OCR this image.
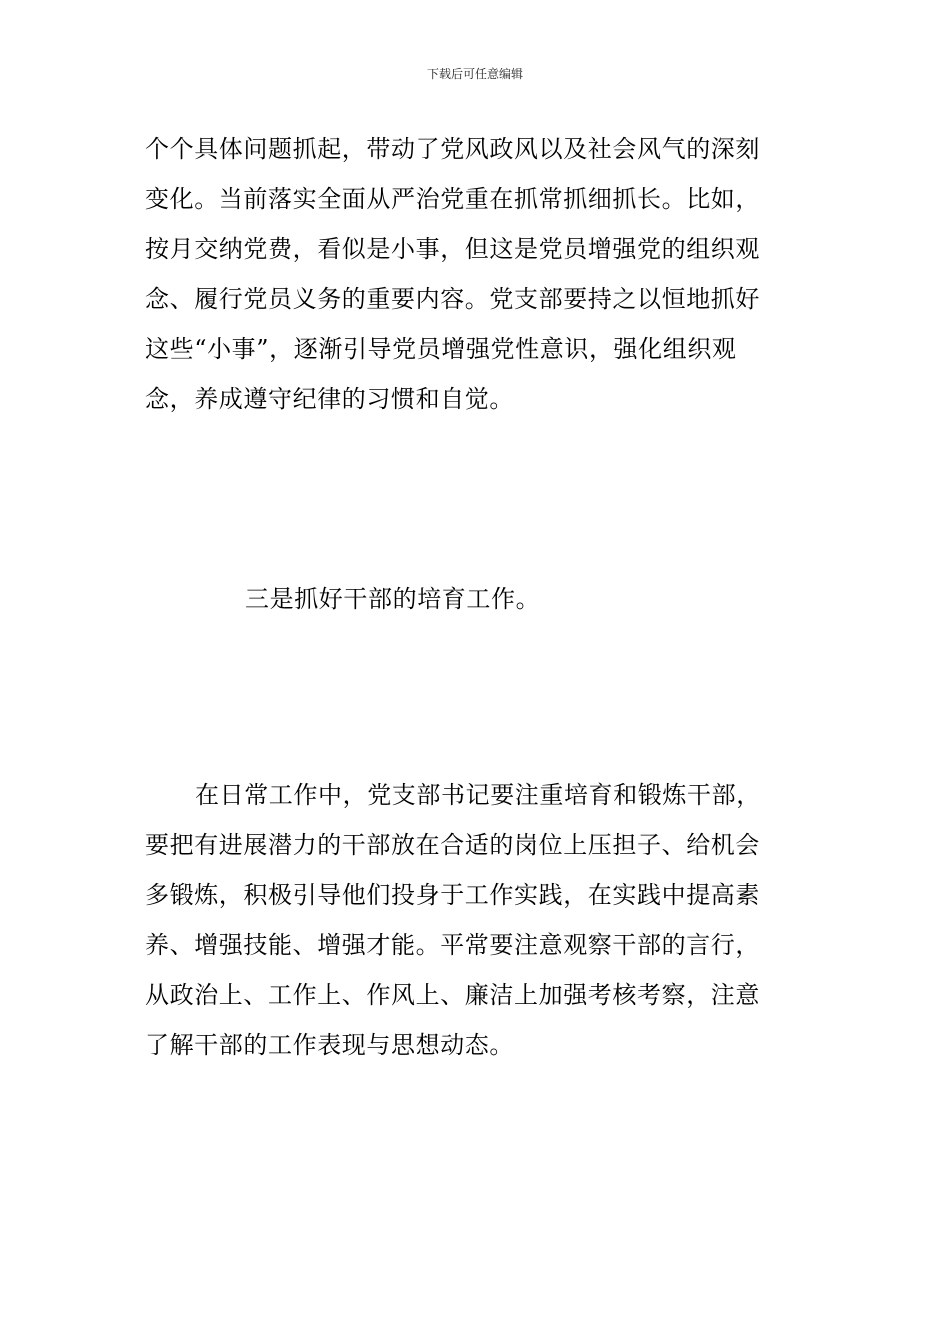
下载后可任意编辑
个个具体问题抓起，带动了党风政风以及社会风气的深刻
变化。当前落实全面从严治党重在抓常抓细抓长。比如，
按月交纳党费，看似是小事，但这是党员增强党的组织观
念、履行党员义务的重要内容。党支部要持之以恒地抓好
这些“小事”，逐渐引导党员增强党性意识，强化组织观
念，养成遵守纪律的习惯和自觉。
三是抓好干部的培育工作。
在日常工作中，党支部书记要注重培育和锻炼干部，
要把有进展潜力的干部放在合适的岗位上压担子、给机会
多锻炼，积极引导他们投身于工作实践，在实践中提高素
养、增强技能、增强才能。平常要注意观察干部的言行，
从政治上、工作上、作风上、廉洁上加强考核考察，注意
了解干部的工作表现与思想动态。
